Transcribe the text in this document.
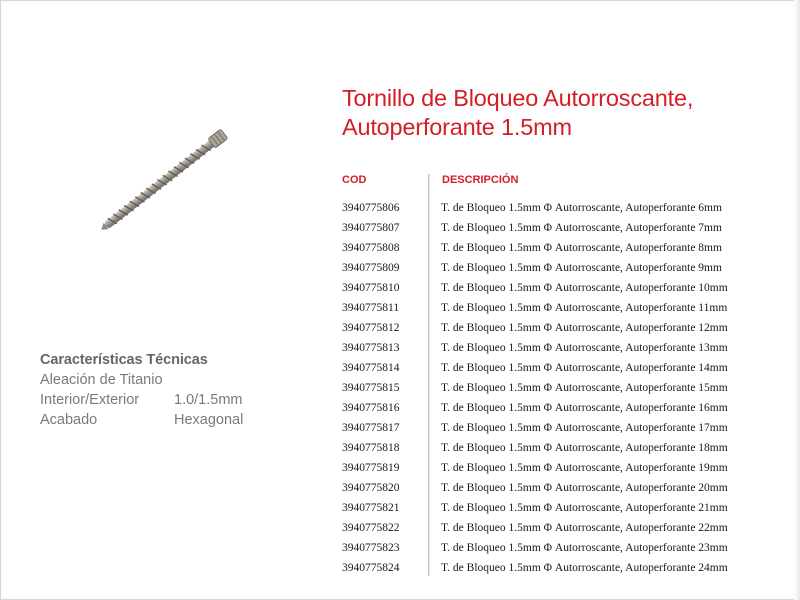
Características Técnicas
Aleación de Titanio
Interior/Exterior	1.0/1.5mm
Acabado	Hexagonal
Tornillo de Bloqueo Autorroscante,
Autoperforante 1.5mm
COD	DESCRIPCIÓN
3940775806	T. de Bloqueo 1.5mm Φ Autorroscante, Autoperforante 6mm
3940775807	T. de Bloqueo 1.5mm Φ Autorroscante, Autoperforante 7mm
3940775808	T. de Bloqueo 1.5mm Φ Autorroscante, Autoperforante 8mm
3940775809	T. de Bloqueo 1.5mm Φ Autorroscante, Autoperforante 9mm
3940775810	T. de Bloqueo 1.5mm Φ Autorroscante, Autoperforante 10mm
3940775811	T. de Bloqueo 1.5mm Φ Autorroscante, Autoperforante 11mm
3940775812	T. de Bloqueo 1.5mm Φ Autorroscante, Autoperforante 12mm
3940775813	T. de Bloqueo 1.5mm Φ Autorroscante, Autoperforante 13mm
3940775814	T. de Bloqueo 1.5mm Φ Autorroscante, Autoperforante 14mm
3940775815	T. de Bloqueo 1.5mm Φ Autorroscante, Autoperforante 15mm
3940775816	T. de Bloqueo 1.5mm Φ Autorroscante, Autoperforante 16mm
3940775817	T. de Bloqueo 1.5mm Φ Autorroscante, Autoperforante 17mm
3940775818	T. de Bloqueo 1.5mm Φ Autorroscante, Autoperforante 18mm
3940775819	T. de Bloqueo 1.5mm Φ Autorroscante, Autoperforante 19mm
3940775820	T. de Bloqueo 1.5mm Φ Autorroscante, Autoperforante 20mm
3940775821	T. de Bloqueo 1.5mm Φ Autorroscante, Autoperforante 21mm
3940775822	T. de Bloqueo 1.5mm Φ Autorroscante, Autoperforante 22mm
3940775823	T. de Bloqueo 1.5mm Φ Autorroscante, Autoperforante 23mm
3940775824	T. de Bloqueo 1.5mm Φ Autorroscante, Autoperforante 24mm
